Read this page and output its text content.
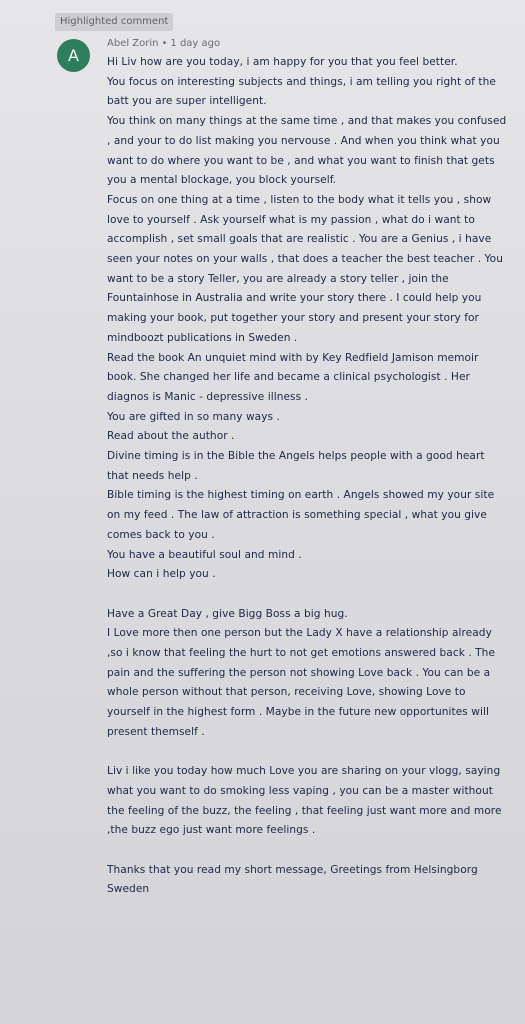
Highlighted comment
A
Abel Zorin • 1 day ago

Hi Liv how are you today, i am happy for you that you feel better.
You focus on interesting subjects and things, i am telling you right of the batt you are super intelligent.
You think on many things at the same time , and that makes you confused , and your to do list making you nervouse . And when you think what you want to do where you want to be , and what you want to finish that gets you a mental blockage, you block yourself.
Focus on one thing at a time , listen to the body what it tells you , show love to yourself . Ask yourself what is my passion , what do i want to accomplish , set small goals that are realistic . You are a Genius , i have seen your notes on your walls , that does a teacher the best teacher . You want to be a story Teller, you are already a story teller , join the Fountainhose in Australia and write your story there . I could help you making your book, put together your story and present your story for mindboozt publications in Sweden .
Read the book An unquiet mind with by Key Redfield Jamison memoir book. She changed her life and became a clinical psychologist . Her diagnos is Manic - depressive illness .
You are gifted in so many ways .
Read about the author .
Divine timing is in the Bible the Angels helps people with a good heart that needs help .
Bible timing is the highest timing on earth . Angels showed my your site on my feed . The law of attraction is something special , what you give comes back to you .
You have a beautiful soul and mind .
How can i help you .

Have a Great Day , give Bigg Boss a big hug.
I Love more then one person but the Lady X have a relationship already ,so i know that feeling the hurt to not get emotions answered back . The pain and the suffering the person not showing Love back . You can be a whole person without that person, receiving Love, showing Love to yourself in the highest form . Maybe in the future new opportunites will present themself .

Liv i like you today how much Love you are sharing on your vlogg, saying what you want to do smoking less vaping , you can be a master without the feeling of the buzz, the feeling , that feeling just want more and more ,the buzz ego just want more feelings .

Thanks that you read my short message, Greetings from Helsingborg Sweden
